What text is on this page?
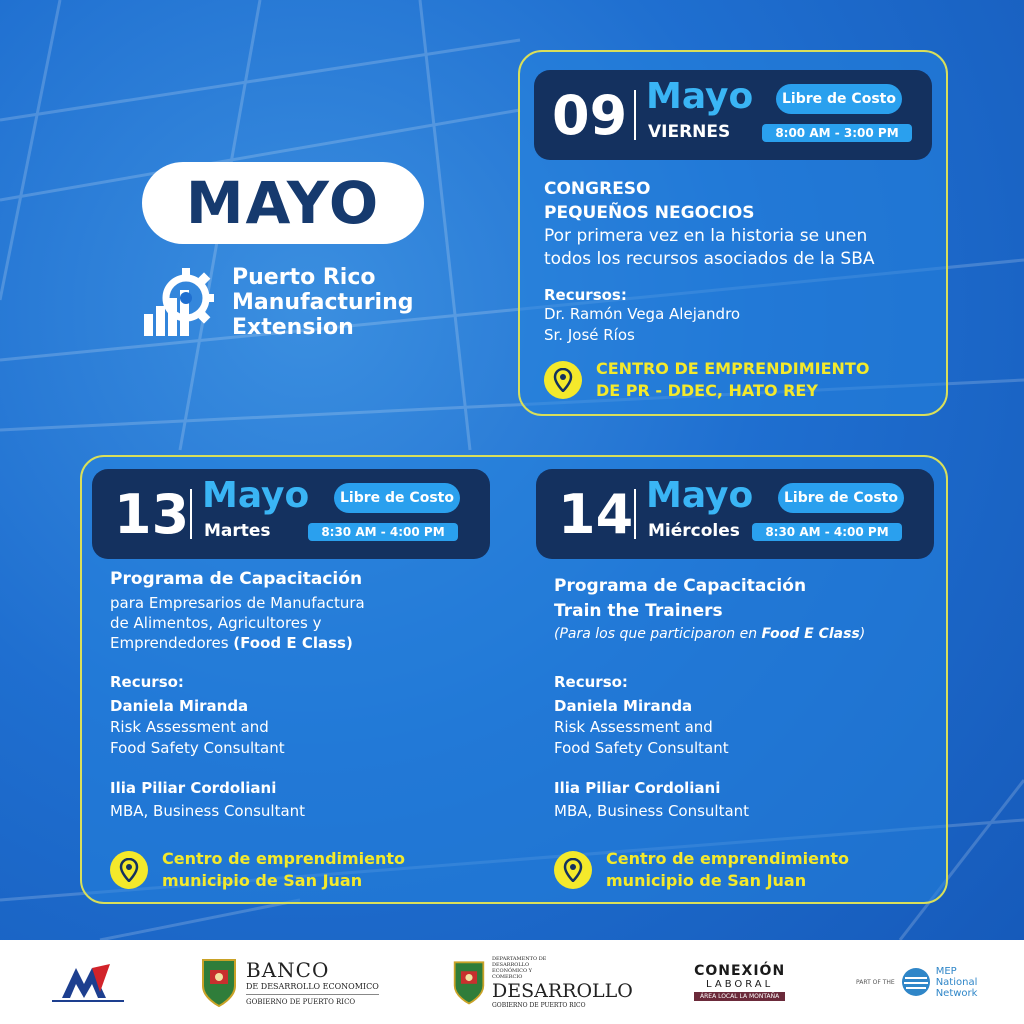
MAYO
Puerto Rico
Manufacturing
Extension
09 Mayo
VIERNES
Libre de Costo
8:00 AM - 3:00 PM
CONGRESO
PEQUEÑOS NEGOCIOS
Por primera vez en la historia se unen
todos los recursos asociados de la SBA
Recursos:
Dr. Ramón Vega Alejandro
Sr. José Ríos
CENTRO DE EMPRENDIMIENTO
DE PR - DDEC, HATO REY
13 Mayo
Martes
Libre de Costo
8:30 AM - 4:00 PM
Programa de Capacitación
para Empresarios de Manufactura
de Alimentos, Agricultores y
Emprendedores (Food E Class)
Recurso:
Daniela Miranda
Risk Assessment and
Food Safety Consultant
Ilia Piliar Cordoliani
MBA, Business Consultant
Centro de emprendimiento
municipio de San Juan
14 Mayo
Miércoles
Libre de Costo
8:30 AM - 4:00 PM
Programa de Capacitación
Train the Trainers
(Para los que participaron en Food E Class)
Recurso:
Daniela Miranda
Risk Assessment and
Food Safety Consultant
Ilia Piliar Cordoliani
MBA, Business Consultant
Centro de emprendimiento
municipio de San Juan
BANCO
DE DESARROLLO ECONOMICO
GOBIERNO DE PUERTO RICO
DEPARTAMENTO DE DESARROLLO ECONÓMICO Y COMERCIO
DESARROLLO
GOBIERNO DE PUERTO RICO
CONEXIÓN
LABORAL
ÁREA LOCAL LA MONTAÑA
PART OF THE
MEP
National
Network
